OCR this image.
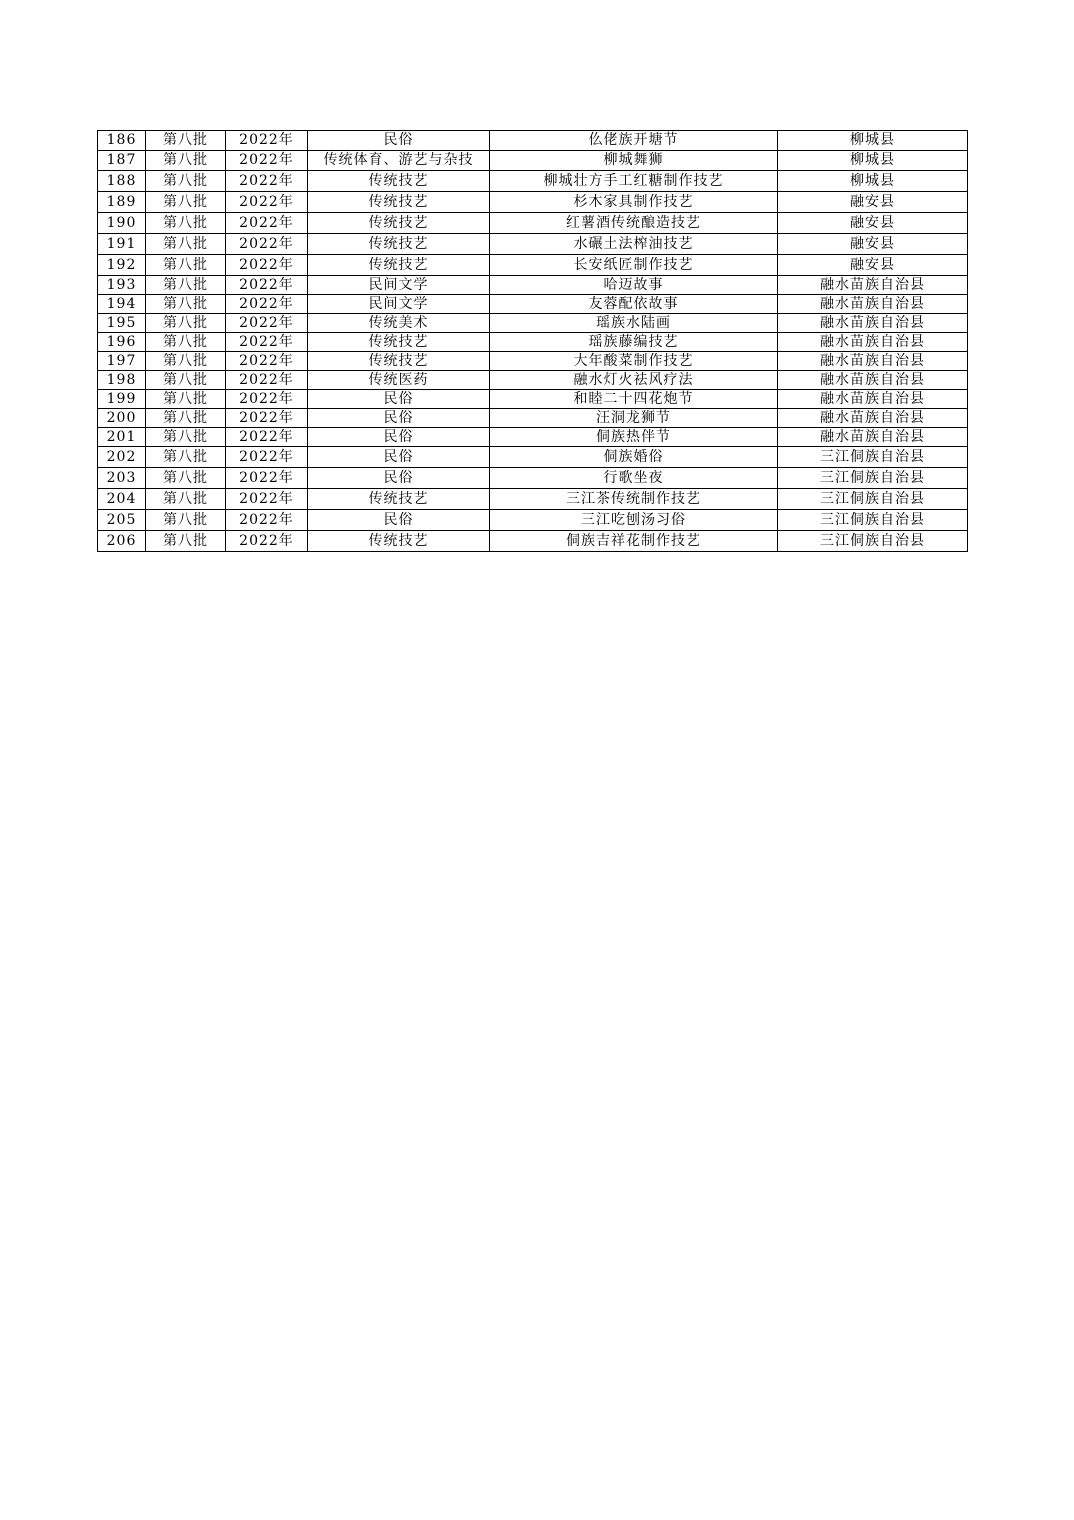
186	第八批	2022年	民俗	仫佬族开塘节	柳城县
187	第八批	2022年	传统体育、游艺与杂技	柳城舞狮	柳城县
188	第八批	2022年	传统技艺	柳城壮方手工红糖制作技艺	柳城县
189	第八批	2022年	传统技艺	杉木家具制作技艺	融安县
190	第八批	2022年	传统技艺	红薯酒传统酿造技艺	融安县
191	第八批	2022年	传统技艺	水碾土法榨油技艺	融安县
192	第八批	2022年	传统技艺	长安纸匠制作技艺	融安县
193	第八批	2022年	民间文学	哈迈故事	融水苗族自治县
194	第八批	2022年	民间文学	友蓉配依故事	融水苗族自治县
195	第八批	2022年	传统美术	瑶族水陆画	融水苗族自治县
196	第八批	2022年	传统技艺	瑶族藤编技艺	融水苗族自治县
197	第八批	2022年	传统技艺	大年酸菜制作技艺	融水苗族自治县
198	第八批	2022年	传统医药	融水灯火祛风疗法	融水苗族自治县
199	第八批	2022年	民俗	和睦二十四花炮节	融水苗族自治县
200	第八批	2022年	民俗	汪洞龙狮节	融水苗族自治县
201	第八批	2022年	民俗	侗族热伴节	融水苗族自治县
202	第八批	2022年	民俗	侗族婚俗	三江侗族自治县
203	第八批	2022年	民俗	行歌坐夜	三江侗族自治县
204	第八批	2022年	传统技艺	三江茶传统制作技艺	三江侗族自治县
205	第八批	2022年	民俗	三江吃刨汤习俗	三江侗族自治县
206	第八批	2022年	传统技艺	侗族吉祥花制作技艺	三江侗族自治县
